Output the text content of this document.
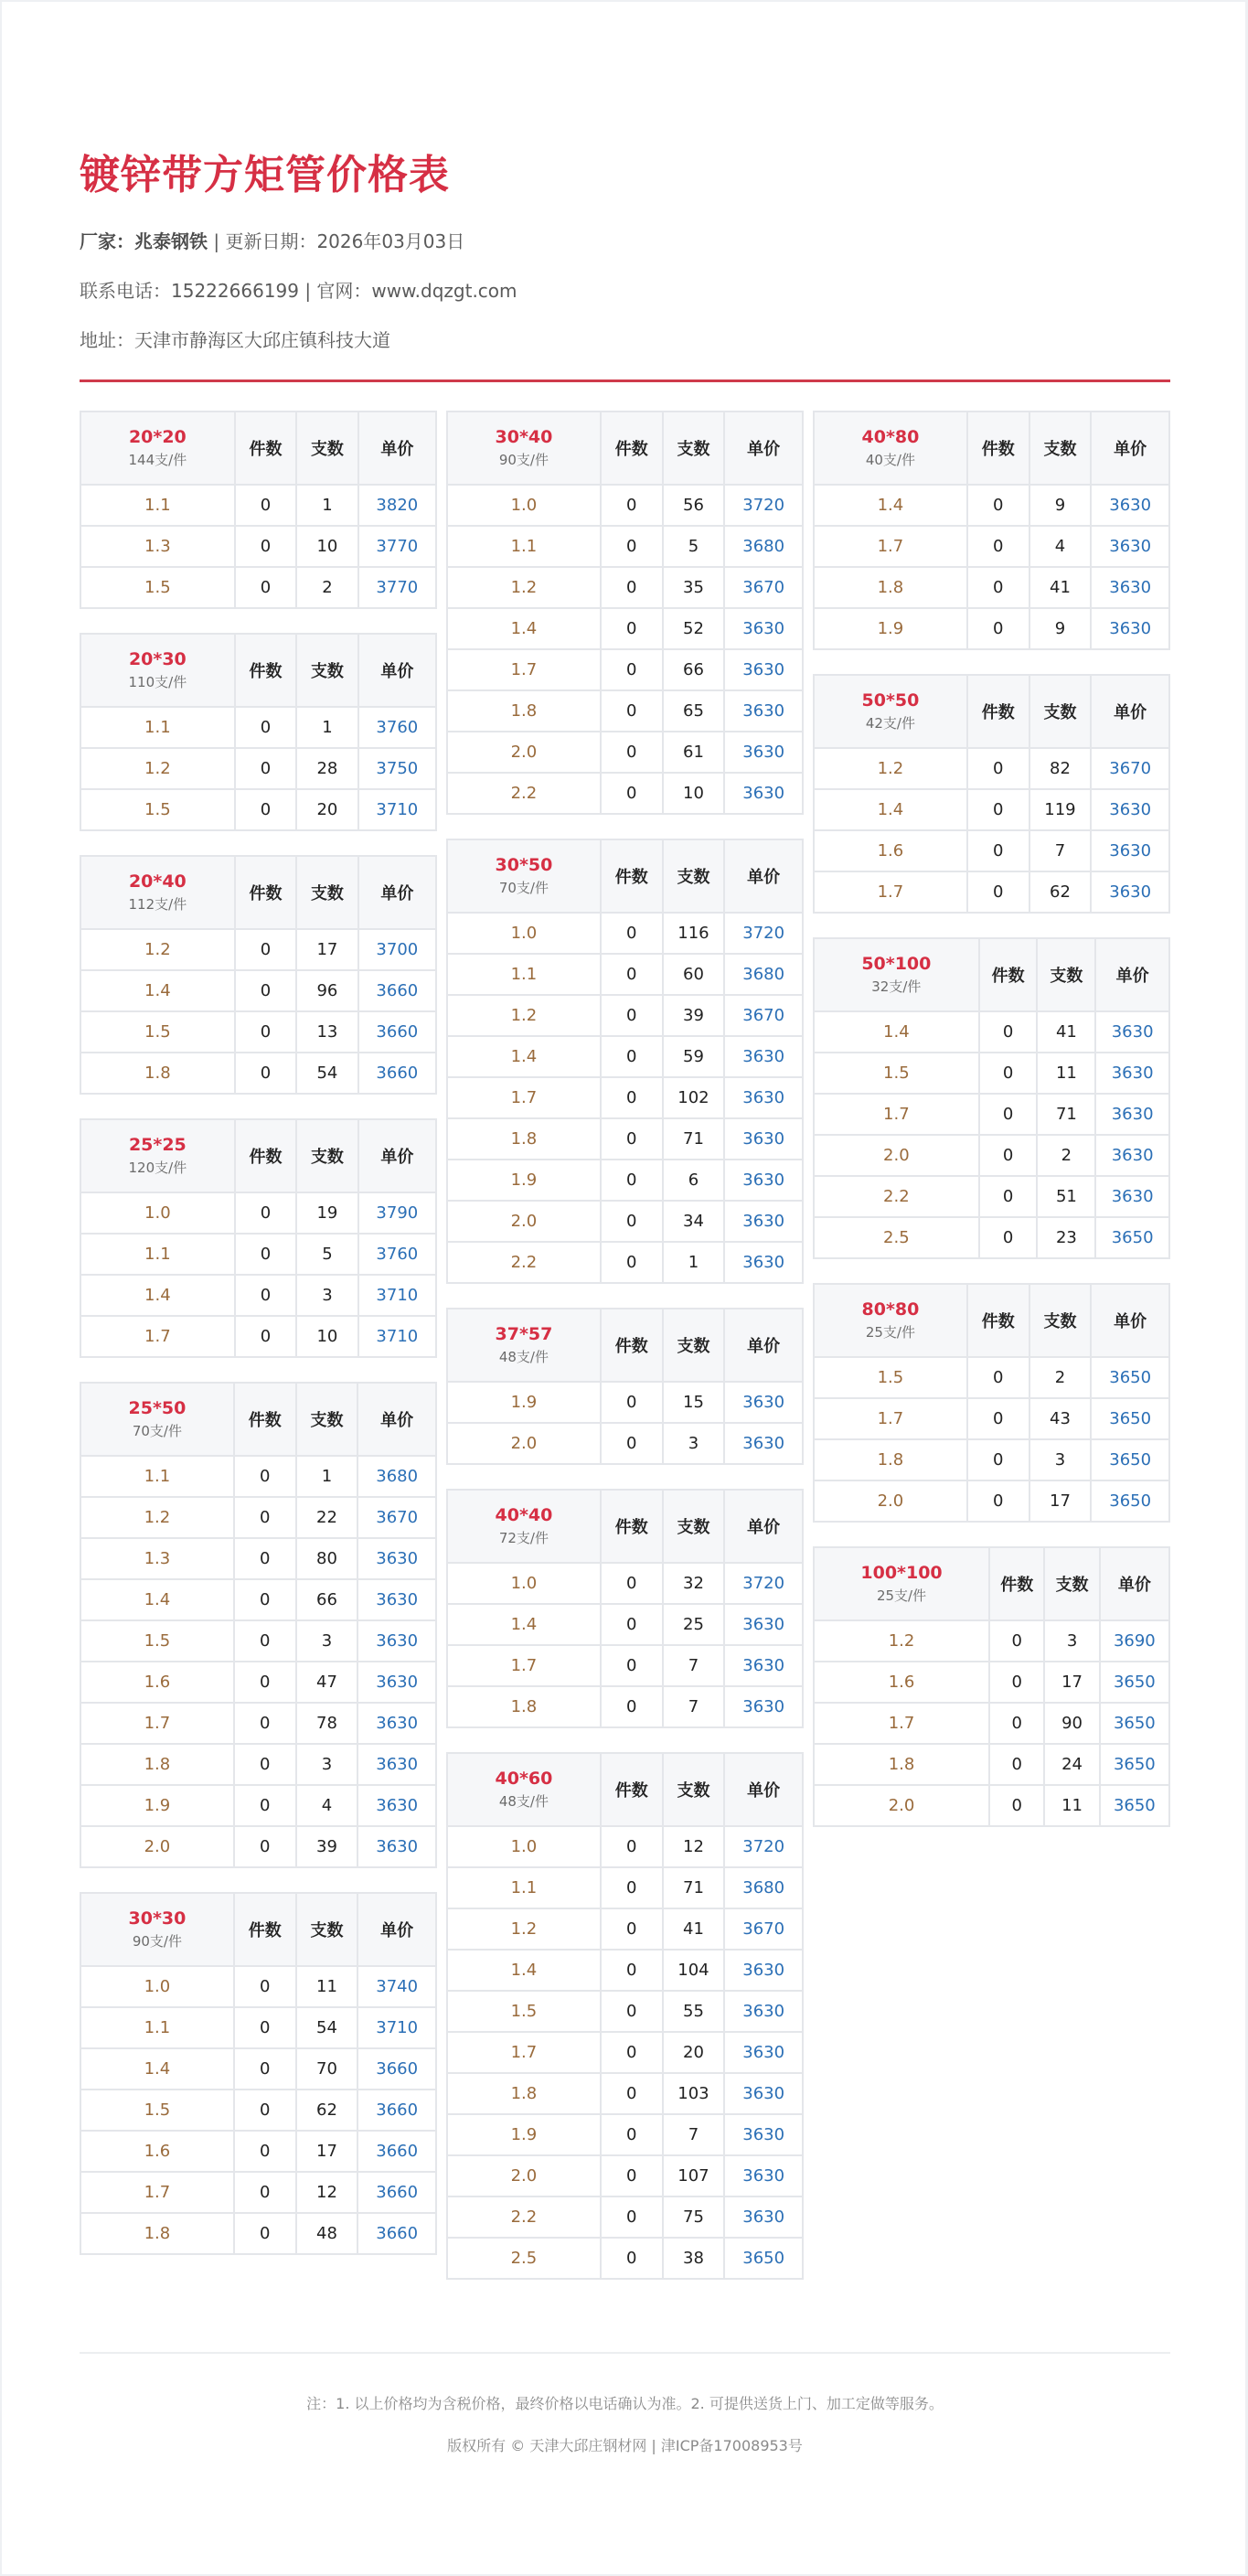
镀锌带方矩管价格表
厂家：兆泰钢铁 | 更新日期：2026年03月03日
联系电话：15222666199 | 官网：www.dqzgt.com
地址：天津市静海区大邱庄镇科技大道
20*20
144支/件	件数	支数	单价
1.1	0	1	3820
1.3	0	10	3770
1.5	0	2	3770
20*30
110支/件	件数	支数	单价
1.1	0	1	3760
1.2	0	28	3750
1.5	0	20	3710
20*40
112支/件	件数	支数	单价
1.2	0	17	3700
1.4	0	96	3660
1.5	0	13	3660
1.8	0	54	3660
25*25
120支/件	件数	支数	单价
1.0	0	19	3790
1.1	0	5	3760
1.4	0	3	3710
1.7	0	10	3710
25*50
70支/件	件数	支数	单价
1.1	0	1	3680
1.2	0	22	3670
1.3	0	80	3630
1.4	0	66	3630
1.5	0	3	3630
1.6	0	47	3630
1.7	0	78	3630
1.8	0	3	3630
1.9	0	4	3630
2.0	0	39	3630
30*30
90支/件	件数	支数	单价
1.0	0	11	3740
1.1	0	54	3710
1.4	0	70	3660
1.5	0	62	3660
1.6	0	17	3660
1.7	0	12	3660
1.8	0	48	3660
30*40
90支/件	件数	支数	单价
1.0	0	56	3720
1.1	0	5	3680
1.2	0	35	3670
1.4	0	52	3630
1.7	0	66	3630
1.8	0	65	3630
2.0	0	61	3630
2.2	0	10	3630
30*50
70支/件	件数	支数	单价
1.0	0	116	3720
1.1	0	60	3680
1.2	0	39	3670
1.4	0	59	3630
1.7	0	102	3630
1.8	0	71	3630
1.9	0	6	3630
2.0	0	34	3630
2.2	0	1	3630
37*57
48支/件	件数	支数	单价
1.9	0	15	3630
2.0	0	3	3630
40*40
72支/件	件数	支数	单价
1.0	0	32	3720
1.4	0	25	3630
1.7	0	7	3630
1.8	0	7	3630
40*60
48支/件	件数	支数	单价
1.0	0	12	3720
1.1	0	71	3680
1.2	0	41	3670
1.4	0	104	3630
1.5	0	55	3630
1.7	0	20	3630
1.8	0	103	3630
1.9	0	7	3630
2.0	0	107	3630
2.2	0	75	3630
2.5	0	38	3650
40*80
40支/件	件数	支数	单价
1.4	0	9	3630
1.7	0	4	3630
1.8	0	41	3630
1.9	0	9	3630
50*50
42支/件	件数	支数	单价
1.2	0	82	3670
1.4	0	119	3630
1.6	0	7	3630
1.7	0	62	3630
50*100
32支/件	件数	支数	单价
1.4	0	41	3630
1.5	0	11	3630
1.7	0	71	3630
2.0	0	2	3630
2.2	0	51	3630
2.5	0	23	3650
80*80
25支/件	件数	支数	单价
1.5	0	2	3650
1.7	0	43	3650
1.8	0	3	3650
2.0	0	17	3650
100*100
25支/件	件数	支数	单价
1.2	0	3	3690
1.6	0	17	3650
1.7	0	90	3650
1.8	0	24	3650
2.0	0	11	3650
注：1. 以上价格均为含税价格，最终价格以电话确认为准。2. 可提供送货上门、加工定做等服务。
版权所有 © 天津大邱庄钢材网 | 津ICP备17008953号
